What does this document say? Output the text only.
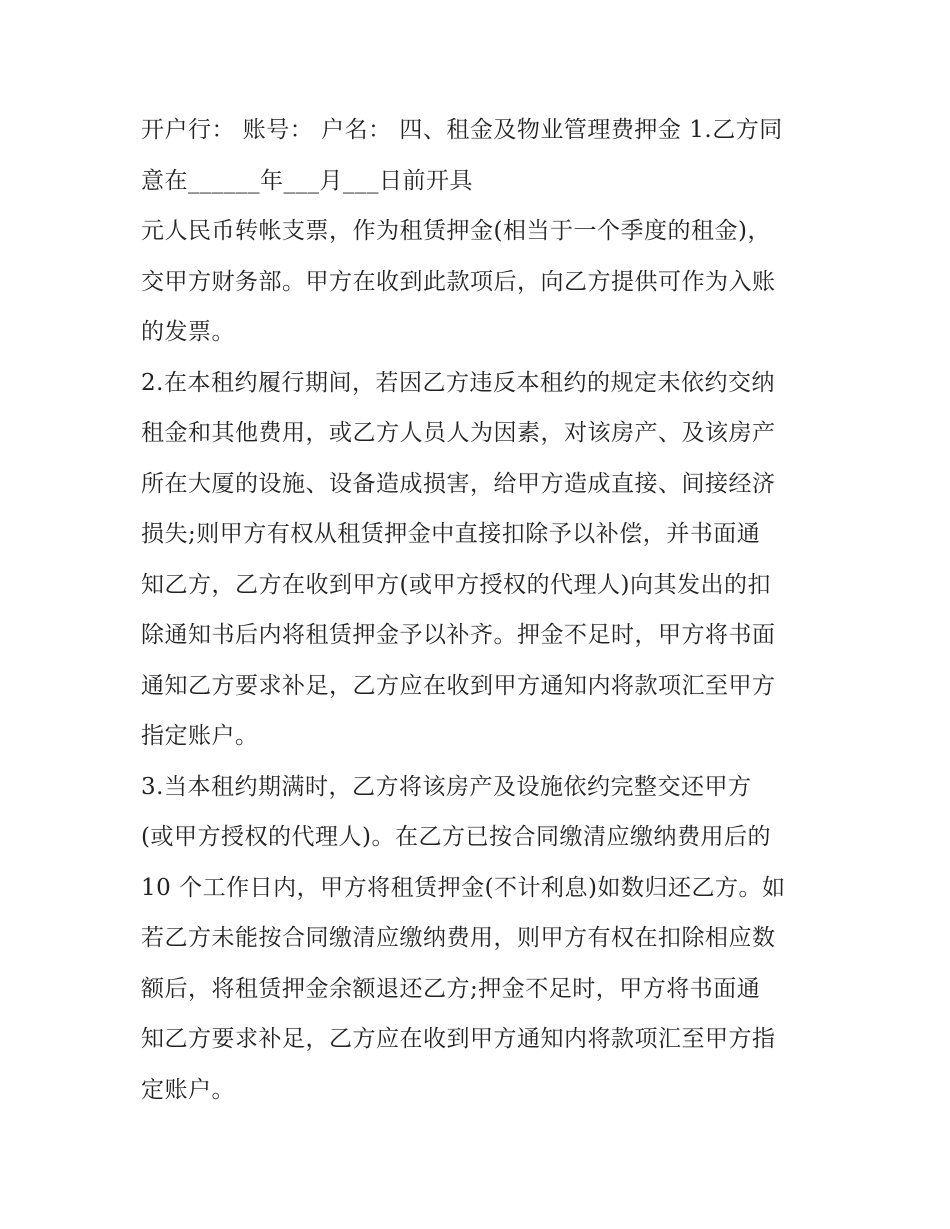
开户行： 账号： 户名： 四、租金及物业管理费押金 1.乙方同
意在______年___月___日前开具
元人民币转帐支票，作为租赁押金(相当于一个季度的租金)，
交甲方财务部。甲方在收到此款项后，向乙方提供可作为入账
的发票。
2.在本租约履行期间，若因乙方违反本租约的规定未依约交纳
租金和其他费用，或乙方人员人为因素，对该房产、及该房产
所在大厦的设施、设备造成损害，给甲方造成直接、间接经济
损失;则甲方有权从租赁押金中直接扣除予以补偿，并书面通
知乙方，乙方在收到甲方(或甲方授权的代理人)向其发出的扣
除通知书后内将租赁押金予以补齐。押金不足时，甲方将书面
通知乙方要求补足，乙方应在收到甲方通知内将款项汇至甲方
指定账户。
3.当本租约期满时，乙方将该房产及设施依约完整交还甲方
(或甲方授权的代理人)。在乙方已按合同缴清应缴纳费用后的
10 个工作日内，甲方将租赁押金(不计利息)如数归还乙方。如
若乙方未能按合同缴清应缴纳费用，则甲方有权在扣除相应数
额后，将租赁押金余额退还乙方;押金不足时，甲方将书面通
知乙方要求补足，乙方应在收到甲方通知内将款项汇至甲方指
定账户。
